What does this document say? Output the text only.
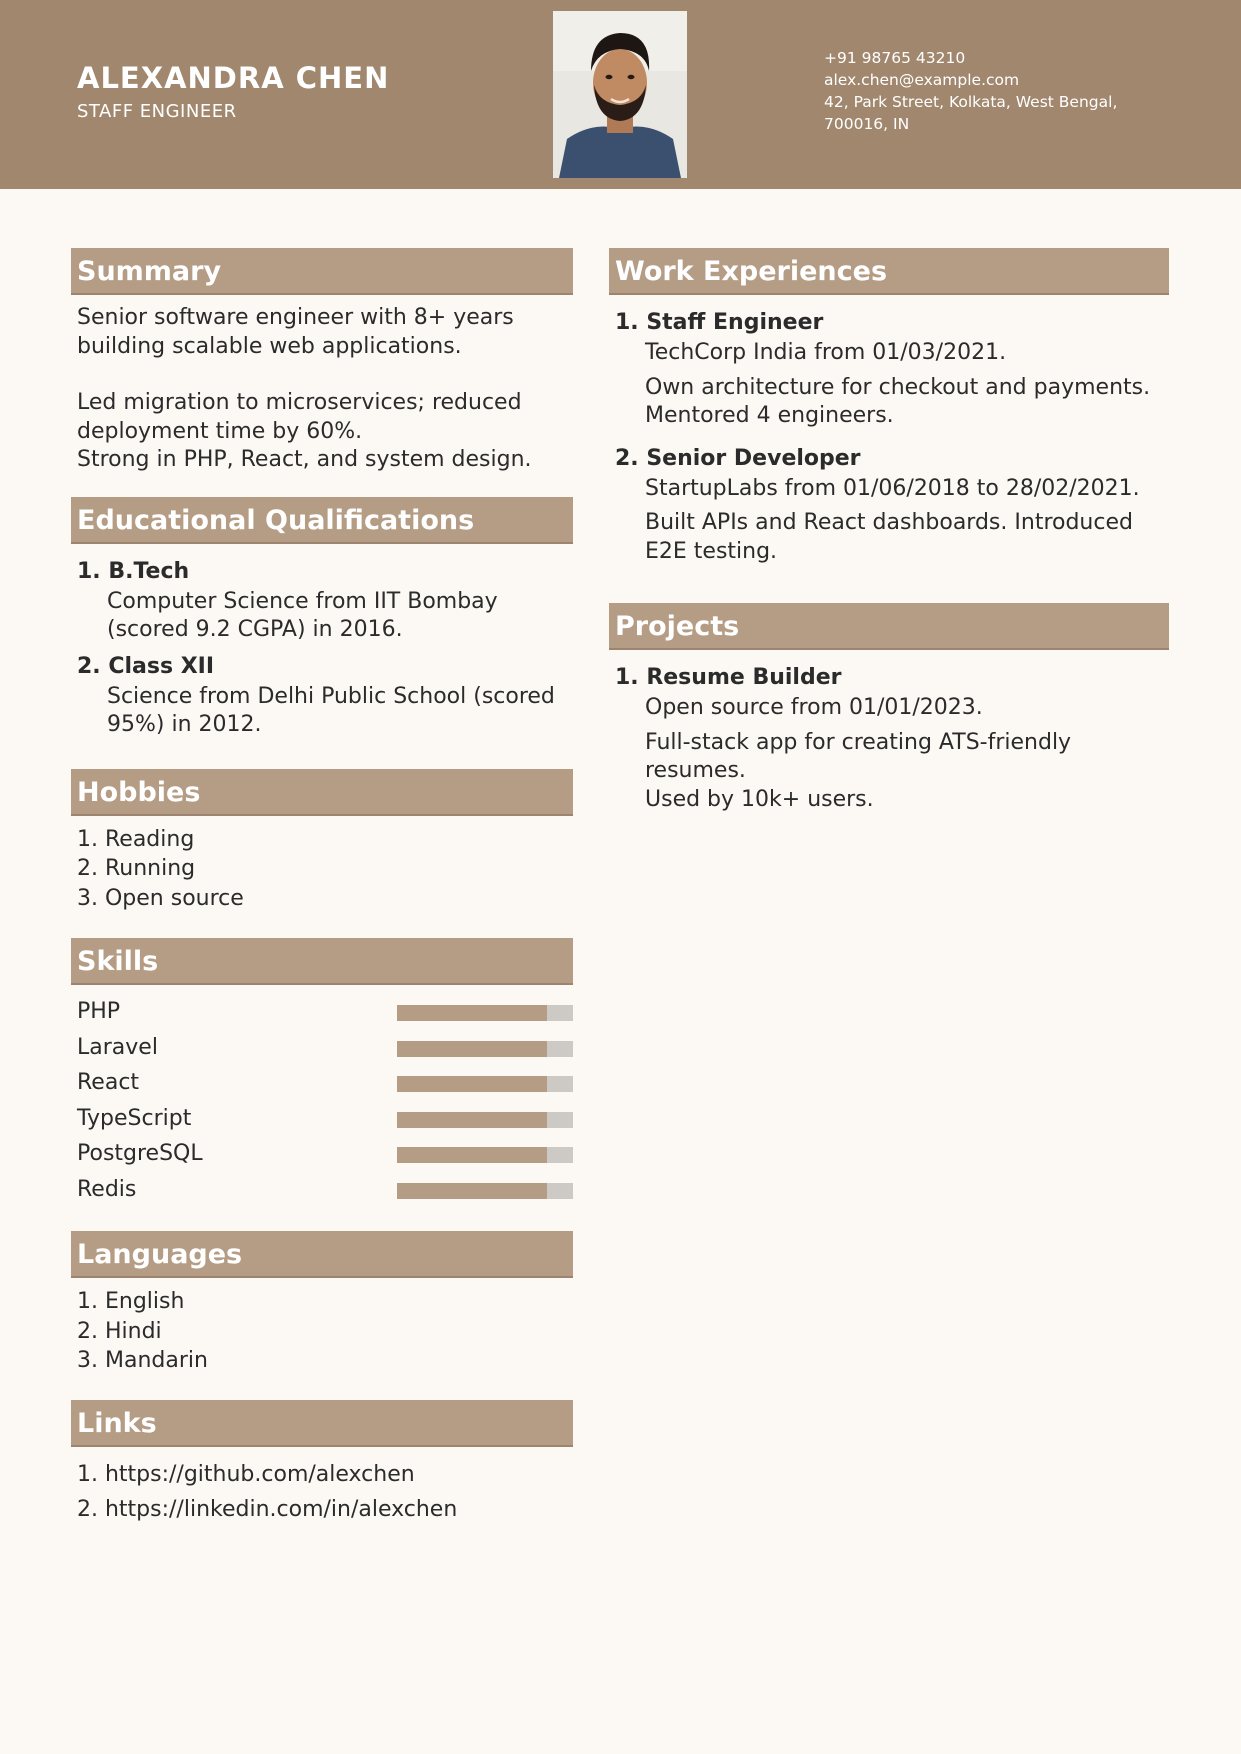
ALEXANDRA CHEN
STAFF ENGINEER
+91 98765 43210
alex.chen@example.com
42, Park Street, Kolkata, West Bengal, 700016, IN
Summary
Senior software engineer with 8+ years building scalable web applications.
Led migration to microservices; reduced deployment time by 60%.
Strong in PHP, React, and system design.
Educational Qualifications
1. B.Tech
Computer Science from IIT Bombay (scored 9.2 CGPA) in 2016.
2. Class XII
Science from Delhi Public School (scored 95%) in 2012.
Hobbies
1. Reading
2. Running
3. Open source
Skills
PHP
Laravel
React
TypeScript
PostgreSQL
Redis
Languages
1. English
2. Hindi
3. Mandarin
Links
1. https://github.com/alexchen
2. https://linkedin.com/in/alexchen
Work Experiences
1. Staff Engineer
TechCorp India from 01/03/2021.
Own architecture for checkout and payments.
Mentored 4 engineers.
2. Senior Developer
StartupLabs from 01/06/2018 to 28/02/2021.
Built APIs and React dashboards. Introduced E2E testing.
Projects
1. Resume Builder
Open source from 01/01/2023.
Full-stack app for creating ATS-friendly resumes.
Used by 10k+ users.
